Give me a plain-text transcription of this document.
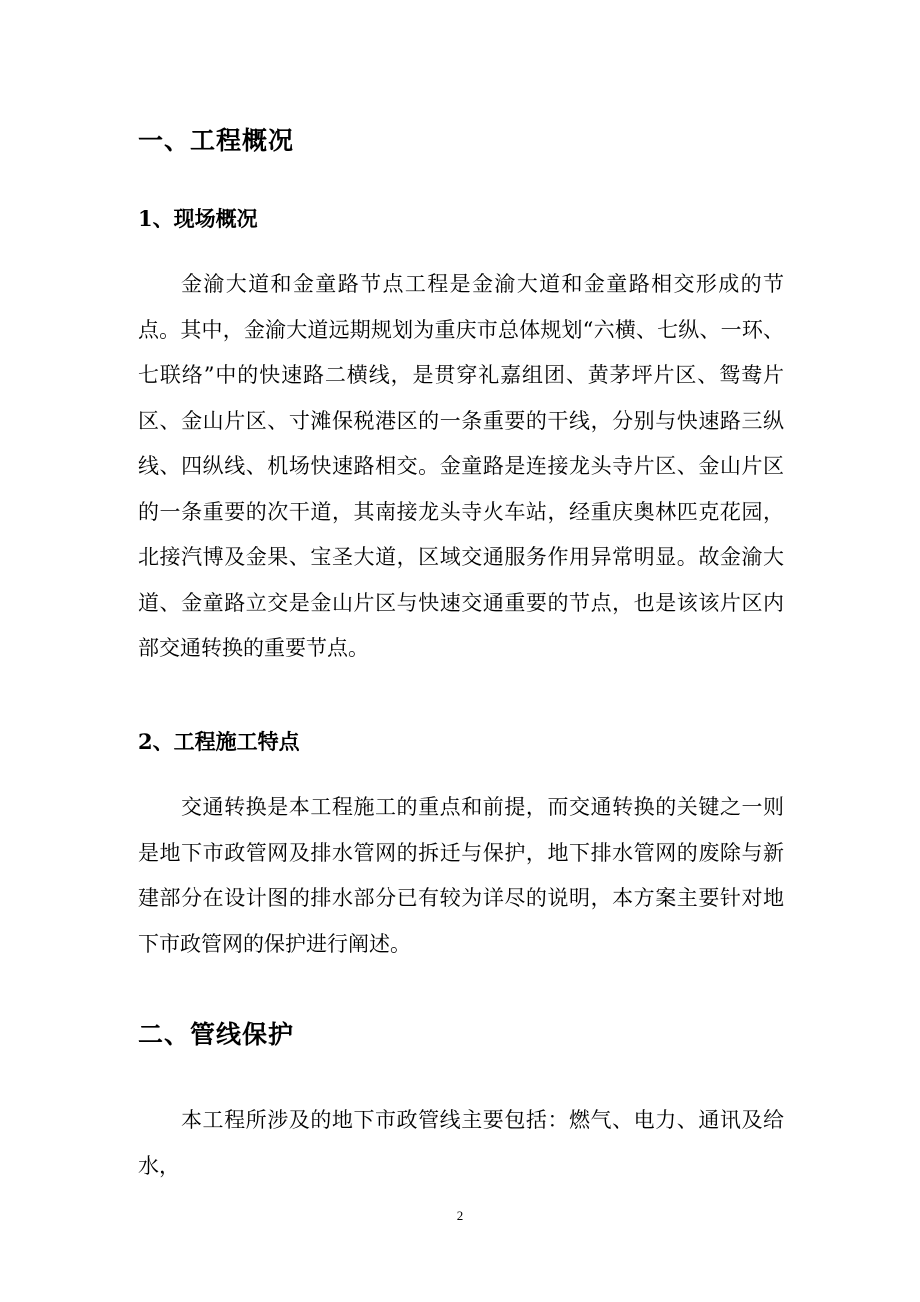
一、工程概况
1、现场概况

金渝大道和金童路节点工程是金渝大道和金童路相交形成的节点。其中，金渝大道远期规划为重庆市总体规划“六横、七纵、一环、七联络”中的快速路二横线，是贯穿礼嘉组团、黄茅坪片区、鸳鸯片区、金山片区、寸滩保税港区的一条重要的干线，分别与快速路三纵线、四纵线、机场快速路相交。金童路是连接龙头寺片区、金山片区的一条重要的次干道，其南接龙头寺火车站，经重庆奥林匹克花园，北接汽博及金果、宝圣大道，区域交通服务作用异常明显。故金渝大道、金童路立交是金山片区与快速交通重要的节点，也是该该片区内部交通转换的重要节点。

2、工程施工特点

交通转换是本工程施工的重点和前提，而交通转换的关键之一则是地下市政管网及排水管网的拆迁与保护，地下排水管网的废除与新建部分在设计图的排水部分已有较为详尽的说明，本方案主要针对地下市政管网的保护进行阐述。

二、管线保护

本工程所涉及的地下市政管线主要包括：燃气、电力、通讯及给水，

2
